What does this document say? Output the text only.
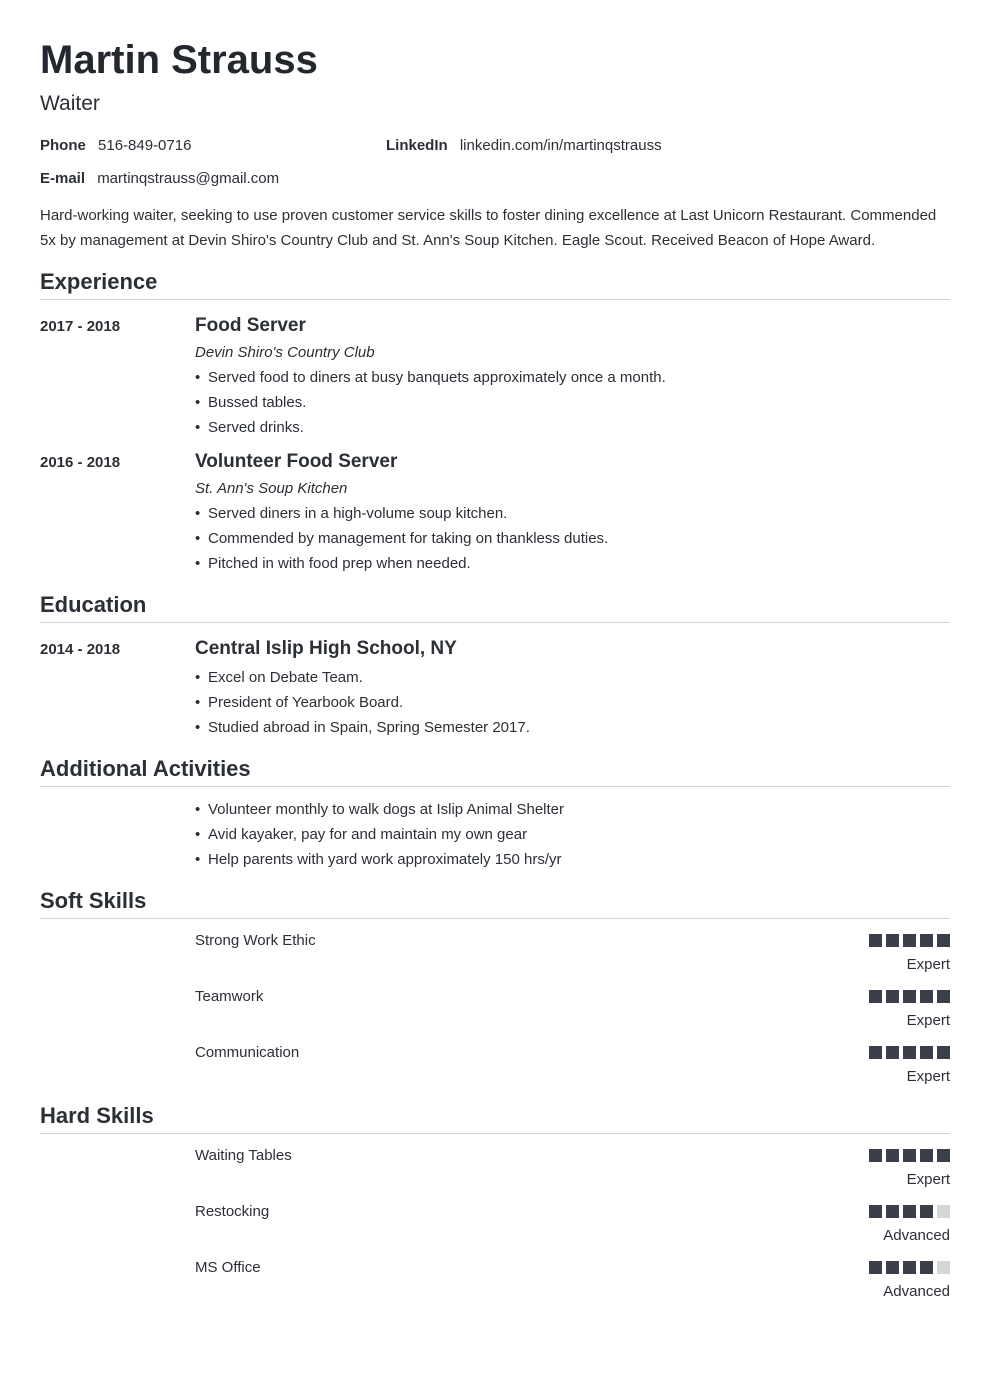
Martin Strauss
Waiter
Phone 516-849-0716	LinkedIn linkedin.com/in/martinqstrauss
E-mail martinqstrauss@gmail.com

Hard-working waiter, seeking to use proven customer service skills to foster dining excellence at Last Unicorn Restaurant. Commended 5x by management at Devin Shiro's Country Club and St. Ann's Soup Kitchen. Eagle Scout. Received Beacon of Hope Award.

Experience
2017 - 2018	Food Server
Devin Shiro's Country Club
• Served food to diners at busy banquets approximately once a month.
• Bussed tables.
• Served drinks.
2016 - 2018	Volunteer Food Server
St. Ann's Soup Kitchen
• Served diners in a high-volume soup kitchen.
• Commended by management for taking on thankless duties.
• Pitched in with food prep when needed.
Education
2014 - 2018	Central Islip High School, NY
• Excel on Debate Team.
• President of Yearbook Board.
• Studied abroad in Spain, Spring Semester 2017.
Additional Activities
• Volunteer monthly to walk dogs at Islip Animal Shelter
• Avid kayaker, pay for and maintain my own gear
• Help parents with yard work approximately 150 hrs/yr
Soft Skills
Strong Work Ethic
Expert
Teamwork
Expert
Communication
Expert
Hard Skills
Waiting Tables
Expert
Restocking
Advanced
MS Office
Advanced
